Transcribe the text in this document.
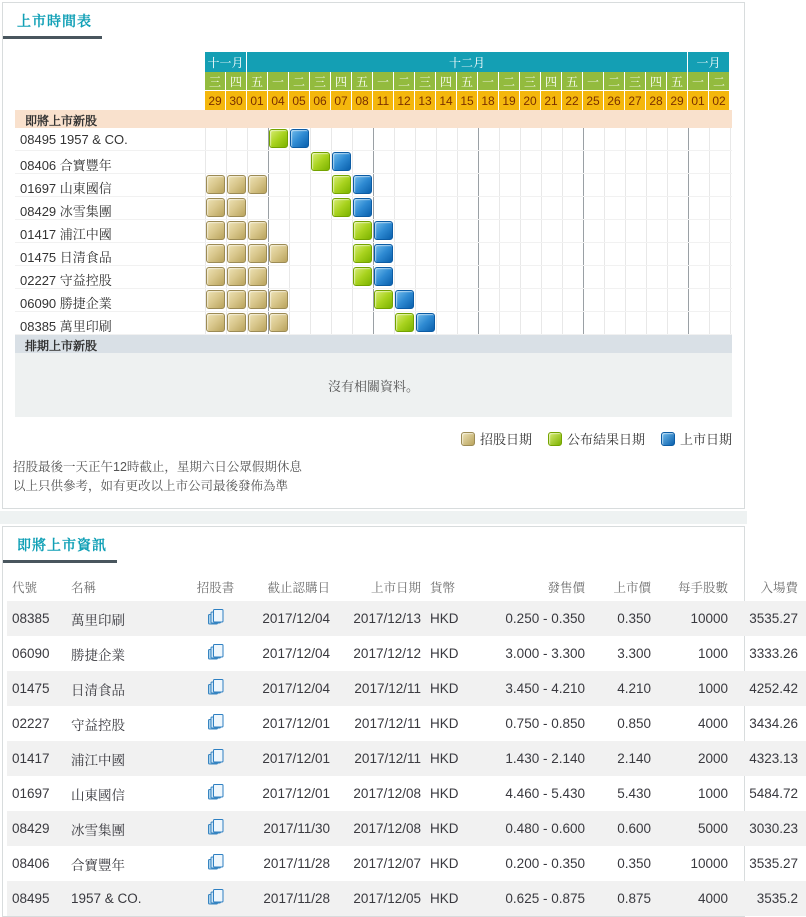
上市時間表
十一月	十二月	一月
三 四 五 一 二 三 四 五 一 二 三 四 五 一 二 三 四 五 一 二 三 四 五 一 二
29 30 01 04 05 06 07 08 11 12 13 14 15 18 19 20 21 22 25 26 27 28 29 01 02
即將上市新股
08495 1957 & CO.
08406 合寶豐年
01697 山東國信
08429 冰雪集團
01417 浦江中國
01475 日清食品
02227 守益控股
06090 勝捷企業
08385 萬里印刷
排期上市新股
沒有相關資料。
招股日期	公布結果日期	上市日期
招股最後一天正午12時截止，星期六日公眾假期休息
以上只供參考，如有更改以上市公司最後發佈為準
即將上市資訊
代號	名稱	招股書	截止認購日	上市日期	貨幣	發售價	上市價	每手股數	入場費
08385	萬里印刷		2017/12/04	2017/12/13	HKD	0.250 - 0.350	0.350	10000	3535.27
06090	勝捷企業		2017/12/04	2017/12/12	HKD	3.000 - 3.300	3.300	1000	3333.26
01475	日清食品		2017/12/04	2017/12/11	HKD	3.450 - 4.210	4.210	1000	4252.42
02227	守益控股		2017/12/01	2017/12/11	HKD	0.750 - 0.850	0.850	4000	3434.26
01417	浦江中國		2017/12/01	2017/12/11	HKD	1.430 - 2.140	2.140	2000	4323.13
01697	山東國信		2017/12/01	2017/12/08	HKD	4.460 - 5.430	5.430	1000	5484.72
08429	冰雪集團		2017/11/30	2017/12/08	HKD	0.480 - 0.600	0.600	5000	3030.23
08406	合寶豐年		2017/11/28	2017/12/07	HKD	0.200 - 0.350	0.350	10000	3535.27
08495	1957 & CO.		2017/11/28	2017/12/05	HKD	0.625 - 0.875	0.875	4000	3535.2
